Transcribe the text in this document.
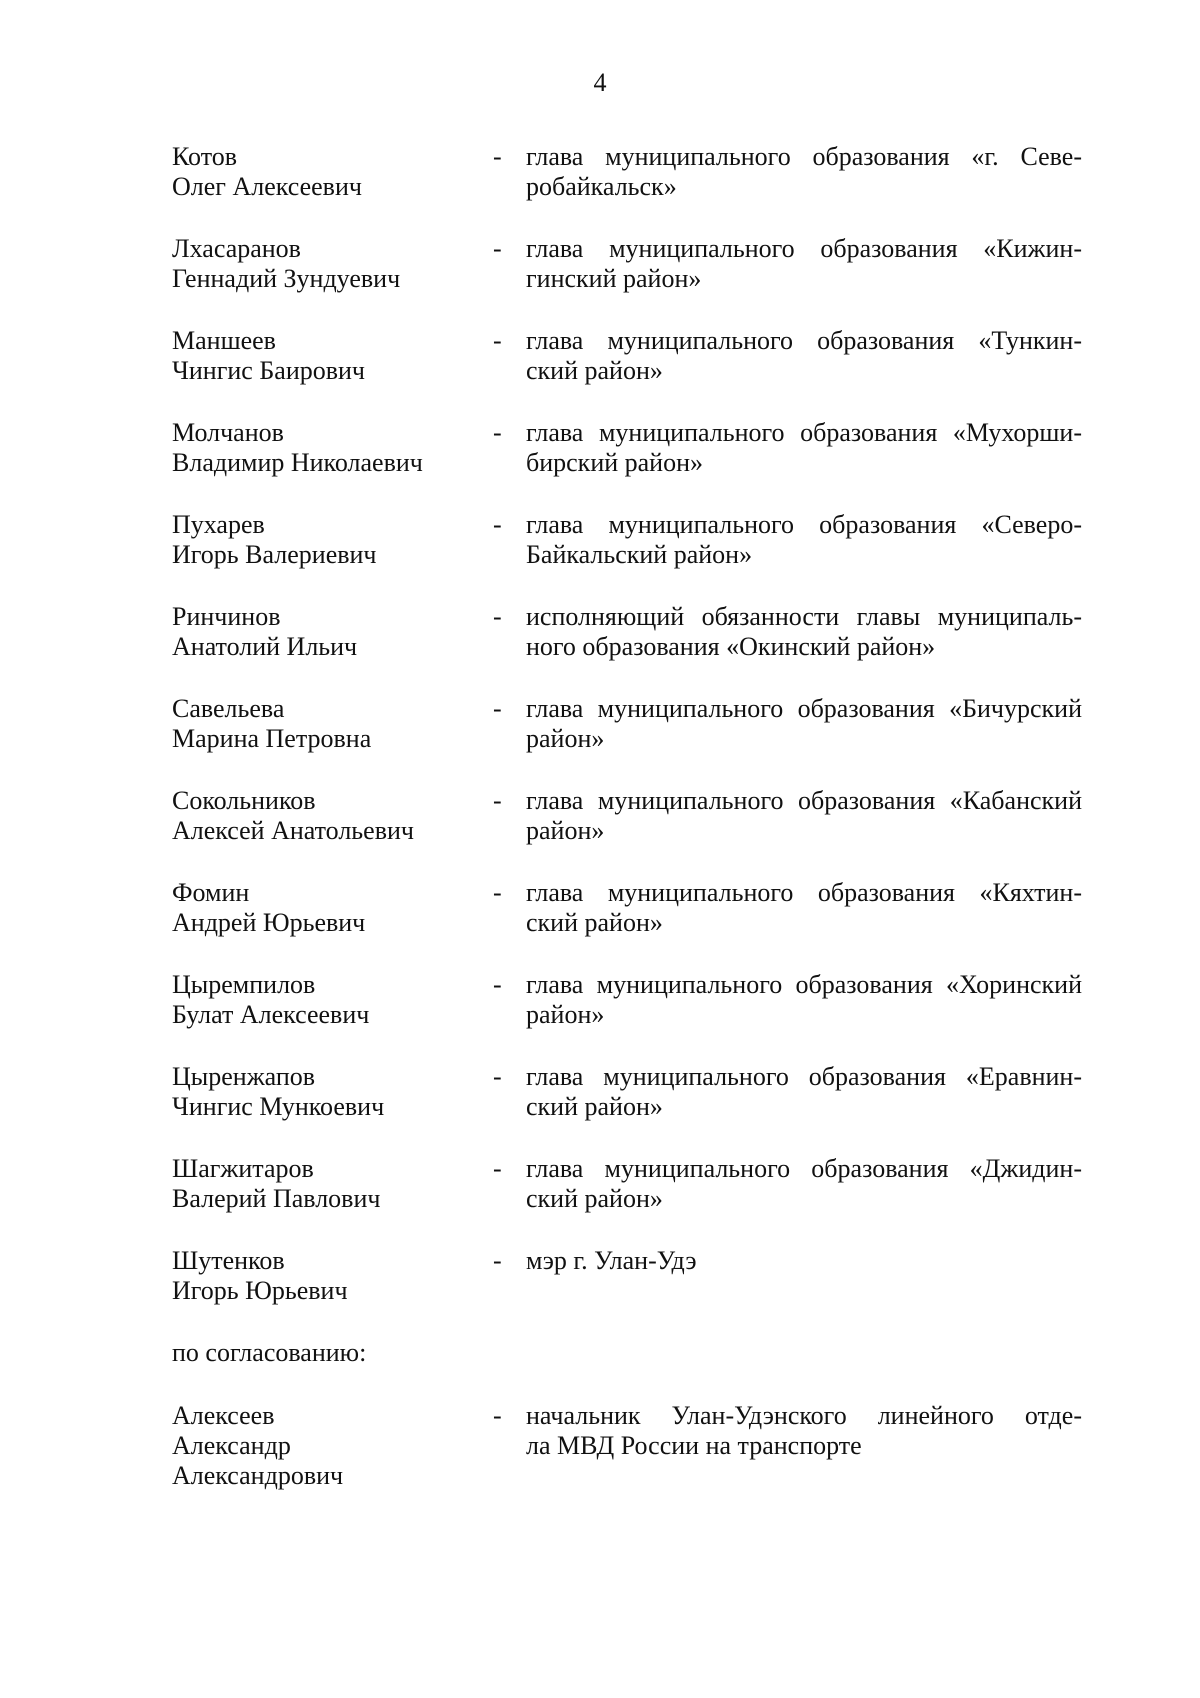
4
Котов
Олег Алексеевич
- глава муниципального образования «г. Севе-
робайкальск»
Лхасаранов
Геннадий Зундуевич
- глава муниципального образования «Кижин-
гинский район»
Маншеев
Чингис Баирович
- глава муниципального образования «Тункин-
ский район»
Молчанов
Владимир Николаевич
- глава муниципального образования «Мухорши-
бирский район»
Пухарев
Игорь Валериевич
- глава муниципального образования «Северо-
Байкальский район»
Ринчинов
Анатолий Ильич
- исполняющий обязанности главы муниципаль-
ного образования «Окинский район»
Савельева
Марина Петровна
- глава муниципального образования «Бичурский
район»
Сокольников
Алексей Анатольевич
- глава муниципального образования «Кабанский
район»
Фомин
Андрей Юрьевич
- глава муниципального образования «Кяхтин-
ский район»
Цыремпилов
Булат Алексеевич
- глава муниципального образования «Хоринский
район»
Цыренжапов
Чингис Мункоевич
- глава муниципального образования «Еравнин-
ский район»
Шагжитаров
Валерий Павлович
- глава муниципального образования «Джидин-
ский район»
Шутенков
Игорь Юрьевич
- мэр г. Улан-Удэ
по согласованию:
Алексеев
Александр
Александрович
- начальник Улан-Удэнского линейного отде-
ла МВД России на транспорте
